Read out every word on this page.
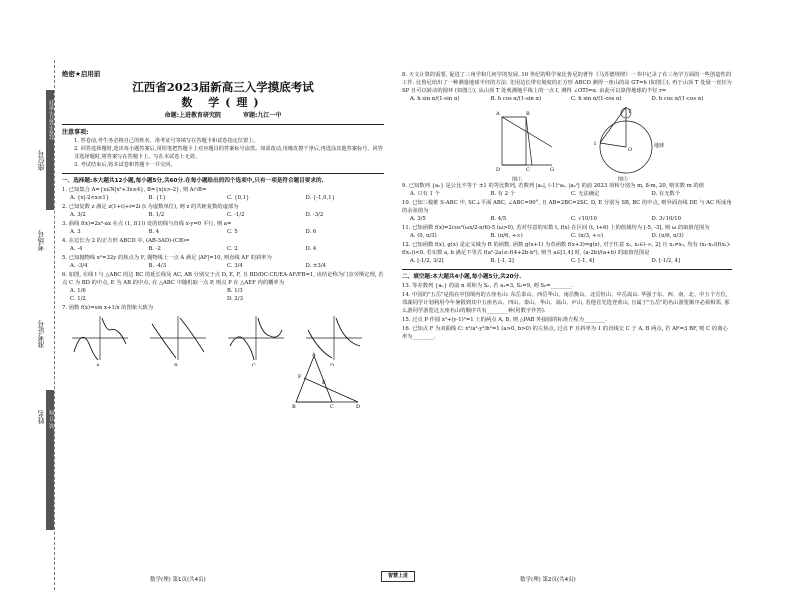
座位号
考场号
准考证号
姓名
此卷不装订不密封
装 订 线
绝密★启用前
江西省2023届新高三入学摸底考试
数 学(理)
命题:上进教育研究院	审题:九江一中
注意事项:
1. 答卷前,考生务必将自己的姓名、准考证号等填写在答题卡和试卷指定位置上。
2. 回答选择题时,选出每小题答案后,用铅笔把答题卡上对应题目的答案标号涂黑。如需改动,用橡皮擦干净后,再选涂其他答案标号。回答非选择题时,将答案写在答题卡上。写在本试卷上无效。
3. 考试结束后,将本试卷和答题卡一并交回。
一、选择题:本大题共12小题,每小题5分,共60分.在每小题给出的四个选项中,只有一项是符合题目要求的.
1. 已知集合 A={x∈N|x²+3x≤4}, B={x|x>-2}, 则 A∩B=
A. {x|-2<x≤1}	B. {1}	C. {0,1}	D. {-1,0,1}
2. 已知复数 z 满足 z(1+i)+i=2i (i 为虚数单位), 则 z 的共轭复数的虚部为
A. 3/2	B. 1/2	C. -1/2	D. -3/2
3. 曲线 f(x)=2x³-ax 在点 (1, f(1)) 处的切线与直线 x-y=0 平行, 则 a=
A. 3	B. 4	C. 5	D. 6
4. 在边长为 2 的正方形 ABCD 中, (AB-3AD)·(CB)=
A. -4	B. -2	C. 2	D. 4
5. 已知抛物线 x²=32y 的焦点为 F, 抛物线上一点 A 满足 |AF|=10, 则直线 AF 的斜率为
A. -3/4	B. -4/3	C. 3/4	D. ±3/4
6. 如图, 在线 l 与 △ABC 的边 BC 的延长线及 AC, AB 分别交于点 D, E, F, 且 BD/DC·CE/EA·AF/FB=1, 该结论称为门奈劳斯定理, 若点 C 为 BD 的中点, E 为 AB 的中点, 在 △ABC 中随机取一点 P, 则点 P 在 △AEF 内的概率为
A. 1/6	B. 1/3
C. 1/2	D. 2/3
7. 函数 f(x)=sin x+1/x 的图象大致为
A.	B.	C.	D.
A
B	C	D
F
E
8. 天文计算的需要, 促进了三角学和几何学的发展. 10 世纪的科学家比鲁尼的著作《马苏德规律》一书中记录了在三角学方面的一些创造性的工作. 比鲁尼给出了一种测量地球半径的方法: 先用边长带有刻度的正方形 ABCD 测得一座山的高 GT=h (如图①), 再于山顶 T 处悬一直径为 SP 且可以转动的圆环 (如图②), 从山顶 T 处观测地平线上的一点 I, 测得 ∠OTI=α. 由此可以算得地球的半径 r=
A. h sin α/(1-sin α)	B. h cos α/(1-sin α)	C. h sin α/(1-cos α)	D. h cos α/(1-cos α)
A	B
D	C	G
图①
T
O
I	地球
图②
9. 已知数列 {aₙ} 是公比不等于 ±1 的等比数列, 若数列 |aₙ|, (-1)ⁿaₙ, |aₙ²| 的前 2023 项和分别为 m, 8-m, 20, 则实数 m 的值
A. 只有 1 个	B. 有 2 个	C. 无法确定	D. 有无数个
10. 已知三棱锥 S-ABC 中, SC⊥平面 ABC, ∠ABC=90°, 且 AB=2BC=2SC, D, E 分别为 SB, BC 的中点, 则异面直线 DE 与 AC 所成角的余弦值为
A. 3/5	B. 4/5	C. √10/10	D. 3√10/10
11. 已知函数 f(x)=2cos²(ωx/2-π/6)-5 (ω>0), 若对任意的实数 t, f(x) 在区间 (t, t+6) 上的值域均为 [-5, -3], 则 ω 的取值范围为
A. (0, π/3)	B. (π/6, +∞)	C. (π/3, +∞)	D. (π/6, π/3)
12. 已知函数 f(x), g(x) 是定义域为 R 的函数, 函数 g(x+1) 为奇函数 f(x+3)=g(x), 对于任意 x₁, x₂∈(-∞, 2] 且 x₁≠x₂, 均有 (x₁-x₂)(f(x₁)-f(x₂))<0. 若实数 a, b 满足不等式 f(a²-2a)≤-f(4+2b-b²), 则当 a∈[1,4] 时, (a-2b)/(a+b) 的取值范围是
A. [-1/2, 3/2]	B. [-1, 2]	C. [-1, 4]	D. [-1/2, 4]
二、填空题:本大题共4小题,每小题5分,共20分.
13. 等差数列 {aₙ} 的前 n 项和为 Sₙ, 若 a₁=3, S₃=9, 则 S₆=________.
14. 中国的"五岳"是指在中国境内的五座名山: 东岳泰山、西岳华山、南岳衡山、北岳恒山、中岳嵩山. 华强于东、西、南、北、中五个方位, 邻湖同学计划利用今年暑假到其中五座名山、四山、泰山、华山、嵩山、庐山, 若他首先选登黄山, 且属于"五岳"的名山游览顺序必须相邻, 那么游同学游览这五座名山的顺序共有________种(用数字作答).
15. 过点 P 作圆 x²+(y-1)²=1 上的两点 A, B, 则 △PAB 外接圆的标准方程为________.
16. 已知点 F 为双曲线 C: x²/a²-y²/b²=1 (a>0, b>0) 的左焦点, 过点 F 且斜率为 1 的直线交 C 于 A, B 两点, 若 AF=3 BF, 则 C 的离心率为________.
数学(理) 第1页(共4页)
智慧上进
数学(理) 第2页(共4页)
